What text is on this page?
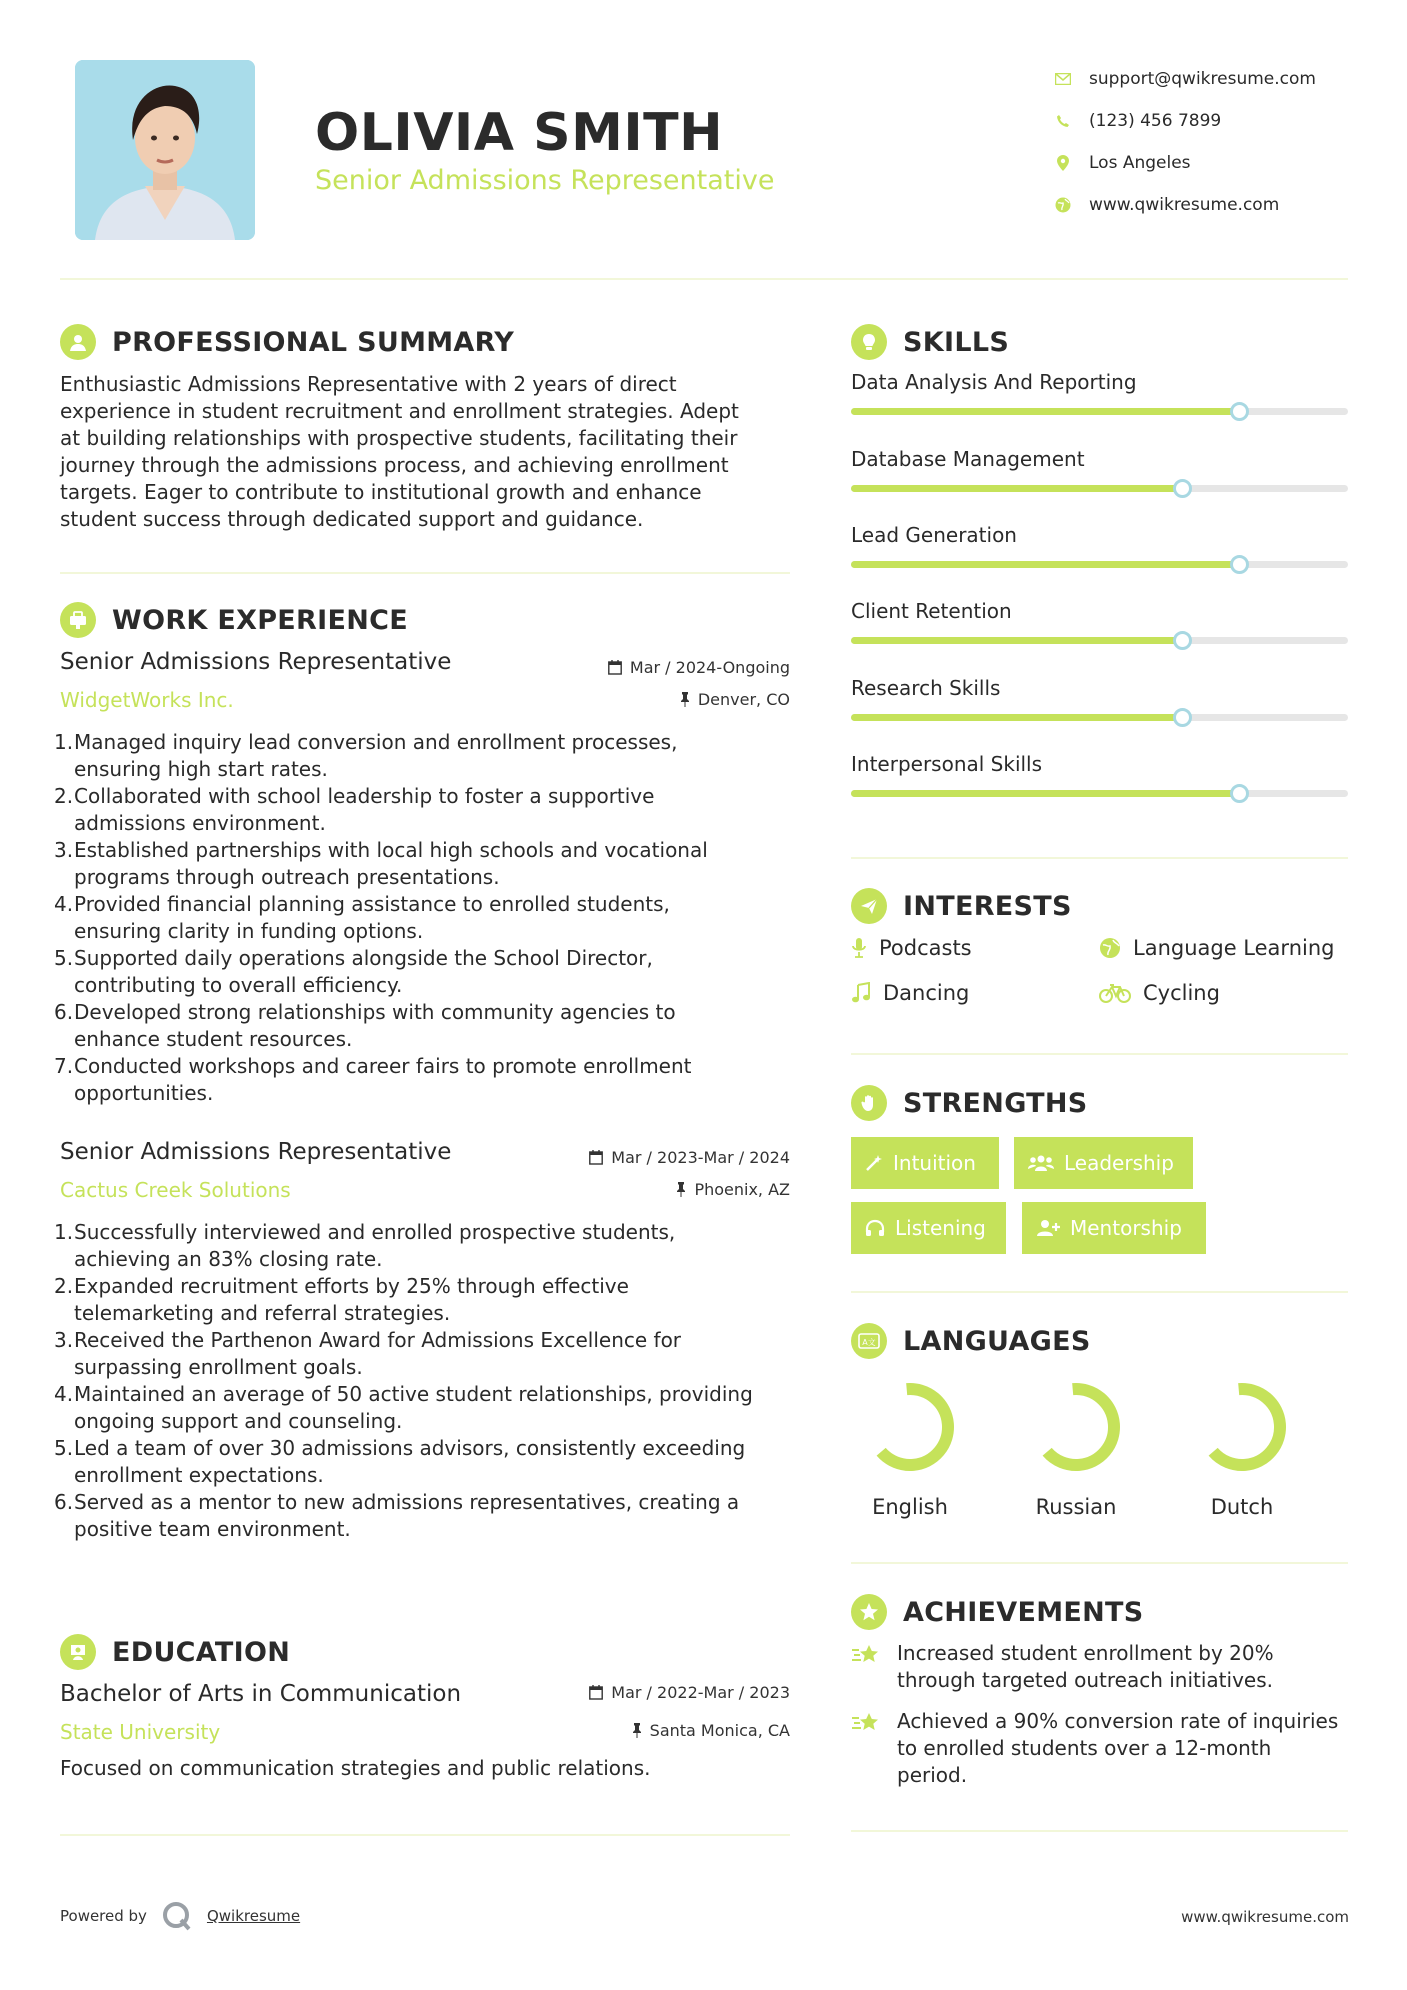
OLIVIA SMITH
Senior Admissions Representative
support@qwikresume.com
(123) 456 7899
Los Angeles
www.qwikresume.com
PROFESSIONAL SUMMARY
Enthusiastic Admissions Representative with 2 years of direct
experience in student recruitment and enrollment strategies. Adept
at building relationships with prospective students, facilitating their
journey through the admissions process, and achieving enrollment
targets. Eager to contribute to institutional growth and enhance
student success through dedicated support and guidance.
WORK EXPERIENCE
Senior Admissions Representative
WidgetWorks Inc.
Mar / 2024-Ongoing
Denver, CO
1. Managed inquiry lead conversion and enrollment processes,
ensuring high start rates.
2. Collaborated with school leadership to foster a supportive
admissions environment.
3. Established partnerships with local high schools and vocational
programs through outreach presentations.
4. Provided financial planning assistance to enrolled students,
ensuring clarity in funding options.
5. Supported daily operations alongside the School Director,
contributing to overall efficiency.
6. Developed strong relationships with community agencies to
enhance student resources.
7. Conducted workshops and career fairs to promote enrollment
opportunities.
Senior Admissions Representative
Cactus Creek Solutions
Mar / 2023-Mar / 2024
Phoenix, AZ
1. Successfully interviewed and enrolled prospective students,
achieving an 83% closing rate.
2. Expanded recruitment efforts by 25% through effective
telemarketing and referral strategies.
3. Received the Parthenon Award for Admissions Excellence for
surpassing enrollment goals.
4. Maintained an average of 50 active student relationships, providing
ongoing support and counseling.
5. Led a team of over 30 admissions advisors, consistently exceeding
enrollment expectations.
6. Served as a mentor to new admissions representatives, creating a
positive team environment.
EDUCATION
Bachelor of Arts in Communication
State University
Mar / 2022-Mar / 2023
Santa Monica, CA
Focused on communication strategies and public relations.
SKILLS
Data Analysis And Reporting
Database Management
Lead Generation
Client Retention
Research Skills
Interpersonal Skills
INTERESTS
Podcasts	Language Learning
Dancing	Cycling
STRENGTHS
Intuition	Leadership
Listening	Mentorship
A文 LANGUAGES
English	Russian	Dutch
ACHIEVEMENTS
Increased student enrollment by 20%
through targeted outreach initiatives.
Achieved a 90% conversion rate of inquiries
to enrolled students over a 12-month
period.
Powered by	Qwikresume	www.qwikresume.com
